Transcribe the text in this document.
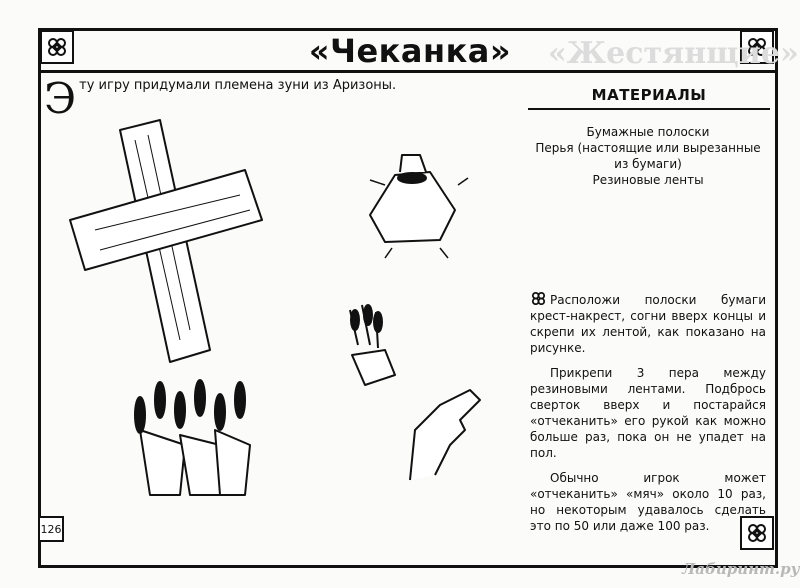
«Жестянщие»
«Чеканка»
Э ту игру придумали племена зуни из Аризоны.
МАТЕРИАЛЫ
Бумажные полоски
Перья (настоящие или вырезанные из бумаги)
Резиновые ленты

Расположи полоски бумаги крест-накрест, согни вверх концы и скрепи их лентой, как показано на рисунке.

Прикрепи 3 пера между резиновыми лентами. Подбрось сверток вверх и постарайся «отчеканить» его рукой как можно больше раз, пока он не упадет на пол.

Обычно игрок может «отчеканить» «мяч» около 10 раз, но некоторым удавалось сделать это по 50 или даже 100 раз.

126
Лабиринт.ру
